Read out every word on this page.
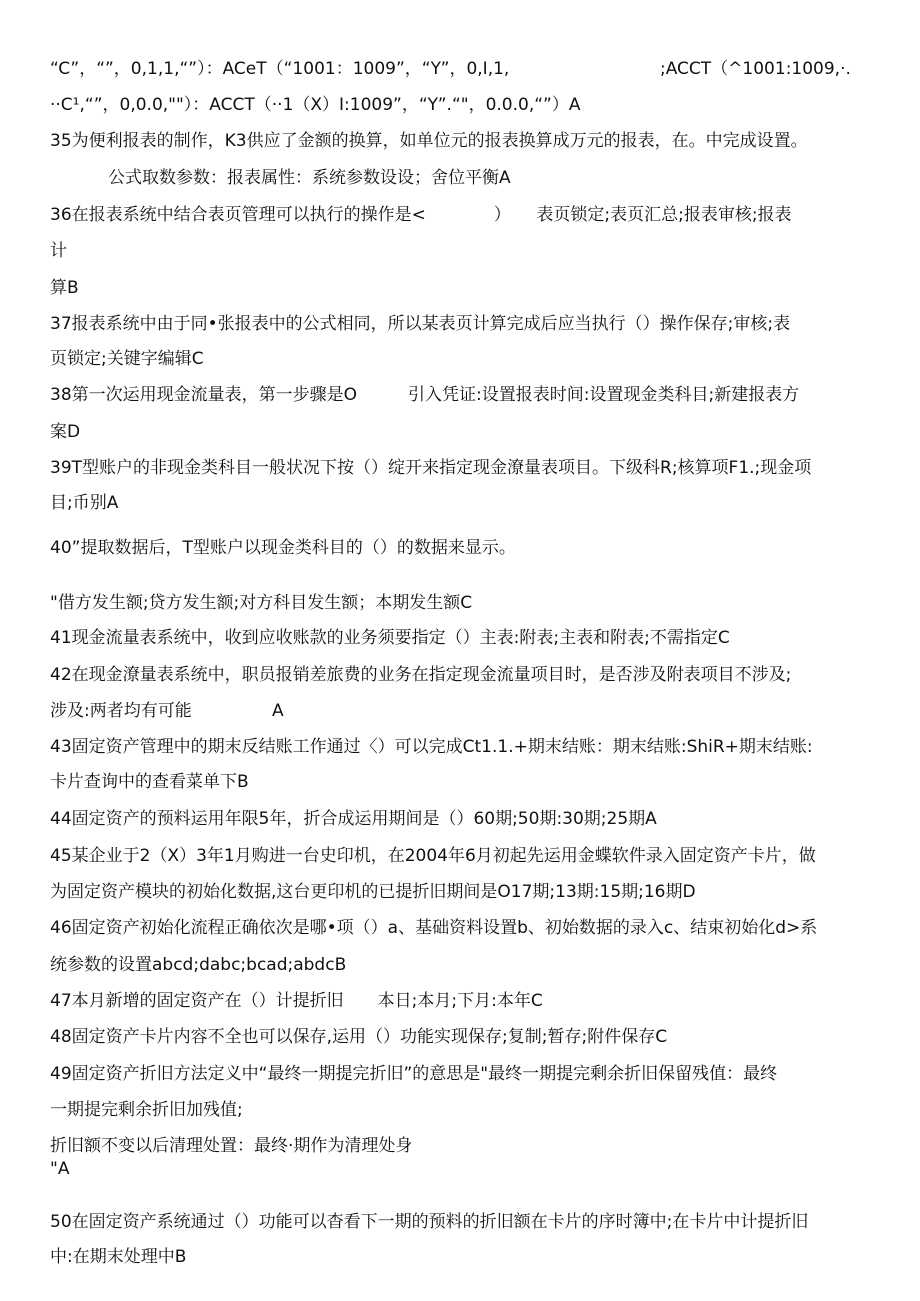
“C”，“”，0,1,1,“”）：ACeT（“1001：1009”，“Y”，0,I,1,	;ACCT（^1001:1009,·.
··C¹,“”，0,0.0,""）：ACCT（··1（X）I:1009”，“Y”.“"，0.0.0,“”）A
35为便利报表的制作，K3供应了金额的换算，如单位元的报表换算成万元的报表，在。中完成设置。
公式取数参数：报表属性：系统参数设设；舍位平衡A
36在报表系统中结合表页管理可以执行的操作是<　　　　）　　表页锁定;表页汇总;报表审核;报表
计
算B
37报表系统中由于同•张报表中的公式相同，所以某表页计算完成后应当执行（）操作保存;审核;表
页锁定;关键字编辑C
38第一次运用现金流量表，第一步骤是O　　　引入凭证:设置报表时间:设置现金类科目;新建报表方
案D
39T型账户的非现金类科目一般状况下按（）绽开来指定现金潦量表项目。下级科R;核算项F1.;现金项
目;币别A
40”提取数据后，T型账户以现金类科目的（）的数据来显示。
"借方发生额;贷方发生额;对方科目发生额；本期发生额C
41现金流量表系统中，收到应收账款的业务须要指定（）主表:附表;主表和附表;不需指定C
42在现金潦量表系统中，职员报销差旅费的业务在指定现金流量项目时，是否涉及附表项目不涉及;
涉及:两者均有可能	A
43固定资产管理中的期末反结账工作通过〈）可以完成Ct1.1.+期末结账：期末结账:ShiR+期末结账:
卡片查询中的查看菜单下B
44固定资产的预料运用年限5年，折合成运用期间是（）60期;50期:30期;25期A
45某企业于2（X）3年1月购进一台史印机，在2004年6月初起先运用金蝶软件录入固定资产卡片，做
为固定资产模块的初始化数据,这台更印机的已提折旧期间是O17期;13期:15期;16期D
46固定资产初始化流程正确依次是哪•项（）a、基础资料设置b、初始数据的录入c、结束初始化d>系
统参数的设置abcd;dabc;bcad;abdcB
47本月新增的固定资产在（）计提折旧　　本日;本月;下月:本年C
48固定资产卡片内容不全也可以保存,运用（）功能实现保存;复制;暂存;附件保存C
49固定资产折旧方法定义中“最终一期提完折旧”的意思是"最终一期提完剩余折旧保留残值：最终
一期提完剩余折旧加残值;
折旧额不变以后清理处置：最终·期作为清理处身
"A
50在固定资产系统通过（）功能可以杳看下一期的预料的折旧额在卡片的序时簿中;在卡片中计提折旧
中:在期末处理中B
